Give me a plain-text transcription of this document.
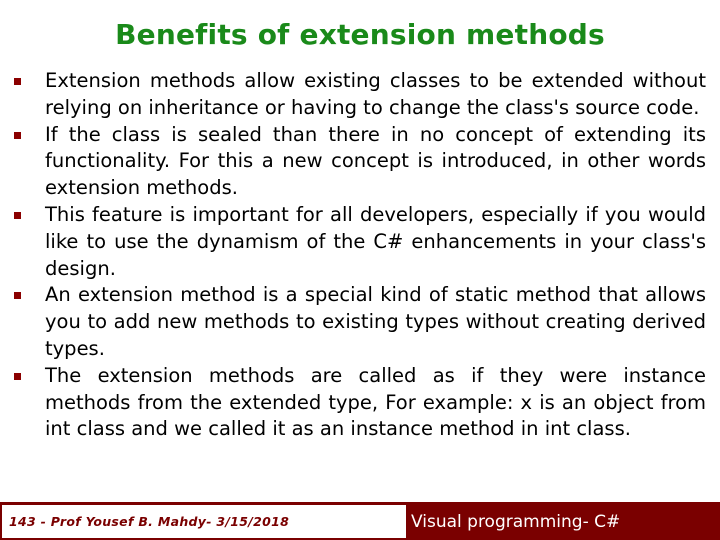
Benefits of extension methods
Extension methods allow existing classes to be extended without relying on inheritance or having to change the class's source code.
If the class is sealed than there in no concept of extending its functionality. For this a new concept is introduced, in other words extension methods.
This feature is important for all developers, especially if you would like to use the dynamism of the C# enhancements in your class's design.
An extension method is a special kind of static method that allows you to add new methods to existing types without creating derived types.
The extension methods are called as if they were instance methods from the extended type, For example: x is an object from int class and we called it as an instance method in int class.
143 - Prof Yousef B. Mahdy- 3/15/2018	Visual programming- C#
